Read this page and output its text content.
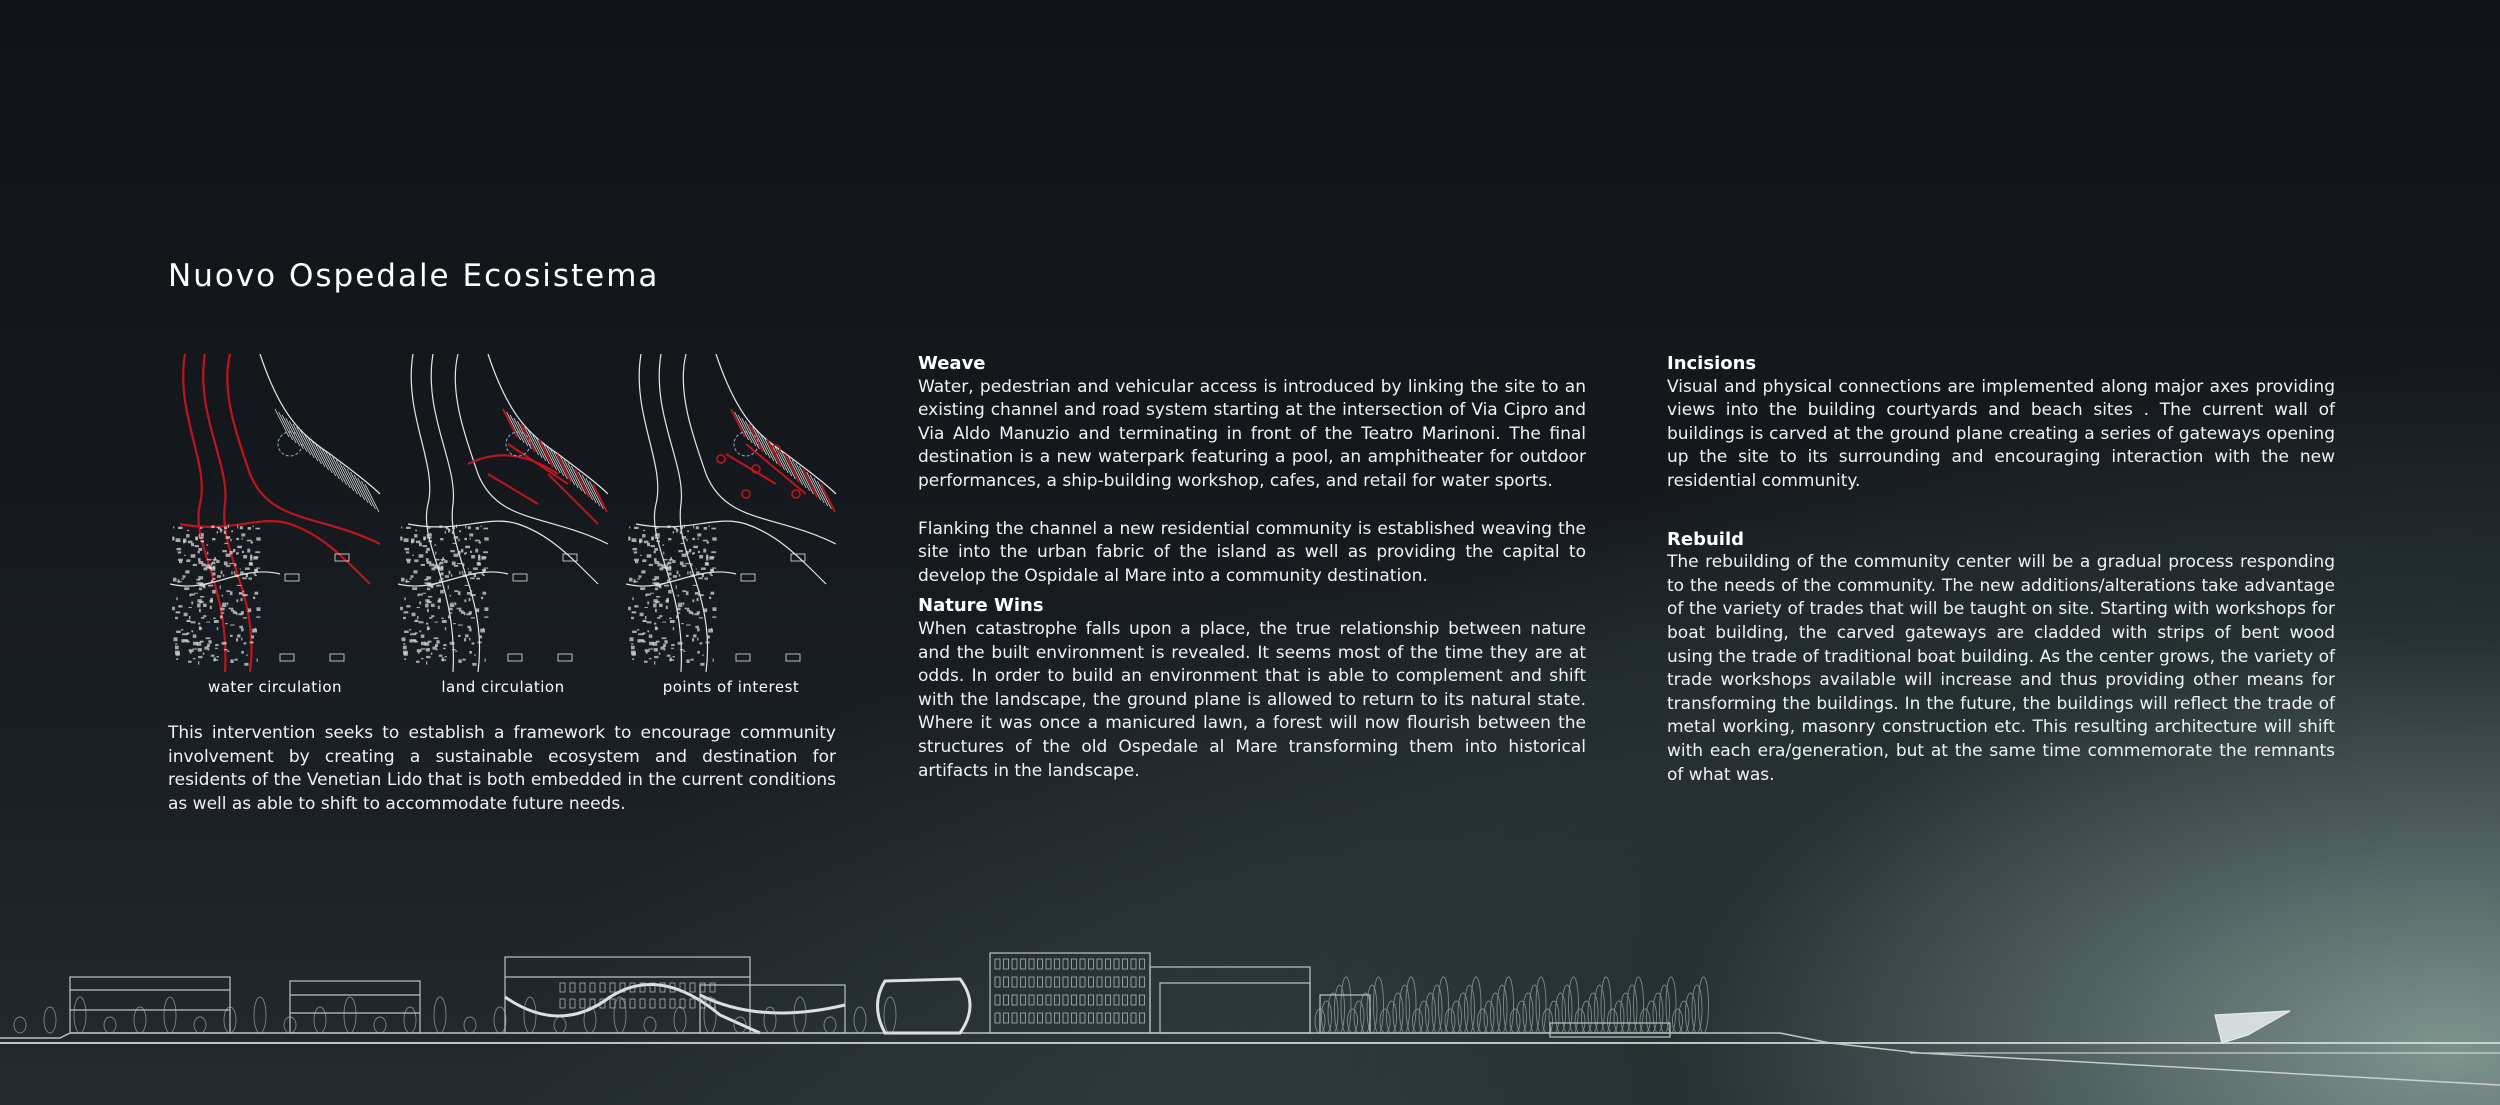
Nuovo Ospedale Ecosistema
water circulation	land circulation	points of interest

This intervention seeks to establish a framework to encourage community involvement by creating a sustainable ecosystem and destination for residents of the Venetian Lido that is both embedded in the current conditions as well as able to shift to accommodate future needs.

Weave

Water, pedestrian and vehicular access is introduced by linking the site to an existing channel and road system starting at the intersection of Via Cipro and Via Aldo Manuzio and terminating in front of the Teatro Marinoni. The final destination is a new waterpark featuring a pool, an amphitheater for outdoor performances, a ship-building workshop, cafes, and retail for water sports.

Flanking the channel a new residential community is established weaving the site into the urban fabric of the island as well as providing the capital to develop the Ospidale al Mare into a community destination.

Nature Wins

When catastrophe falls upon a place, the true relationship between nature and the built environment is revealed. It seems most of the time they are at odds. In order to build an environment that is able to complement and shift with the landscape, the ground plane is allowed to return to its natural state. Where it was once a manicured lawn, a forest will now flourish between the structures of the old Ospedale al Mare transforming them into historical artifacts in the landscape.

Incisions

Visual and physical connections are implemented along major axes providing views into the building courtyards and beach sites . The current wall of buildings is carved at the ground plane creating a series of gateways opening up the site to its surrounding and encouraging interaction with the new residential community.

Rebuild

The rebuilding of the community center will be a gradual process responding to the needs of the community. The new additions/alterations take advantage of the variety of trades that will be taught on site. Starting with workshops for boat building, the carved gateways are cladded with strips of bent wood using the trade of traditional boat building. As the center grows, the variety of trade workshops available will increase and thus providing other means for transforming the buildings. In the future, the buildings will reflect the trade of metal working, masonry construction etc. This resulting architecture will shift with each era/generation, but at the same time commemorate the remnants of what was.
